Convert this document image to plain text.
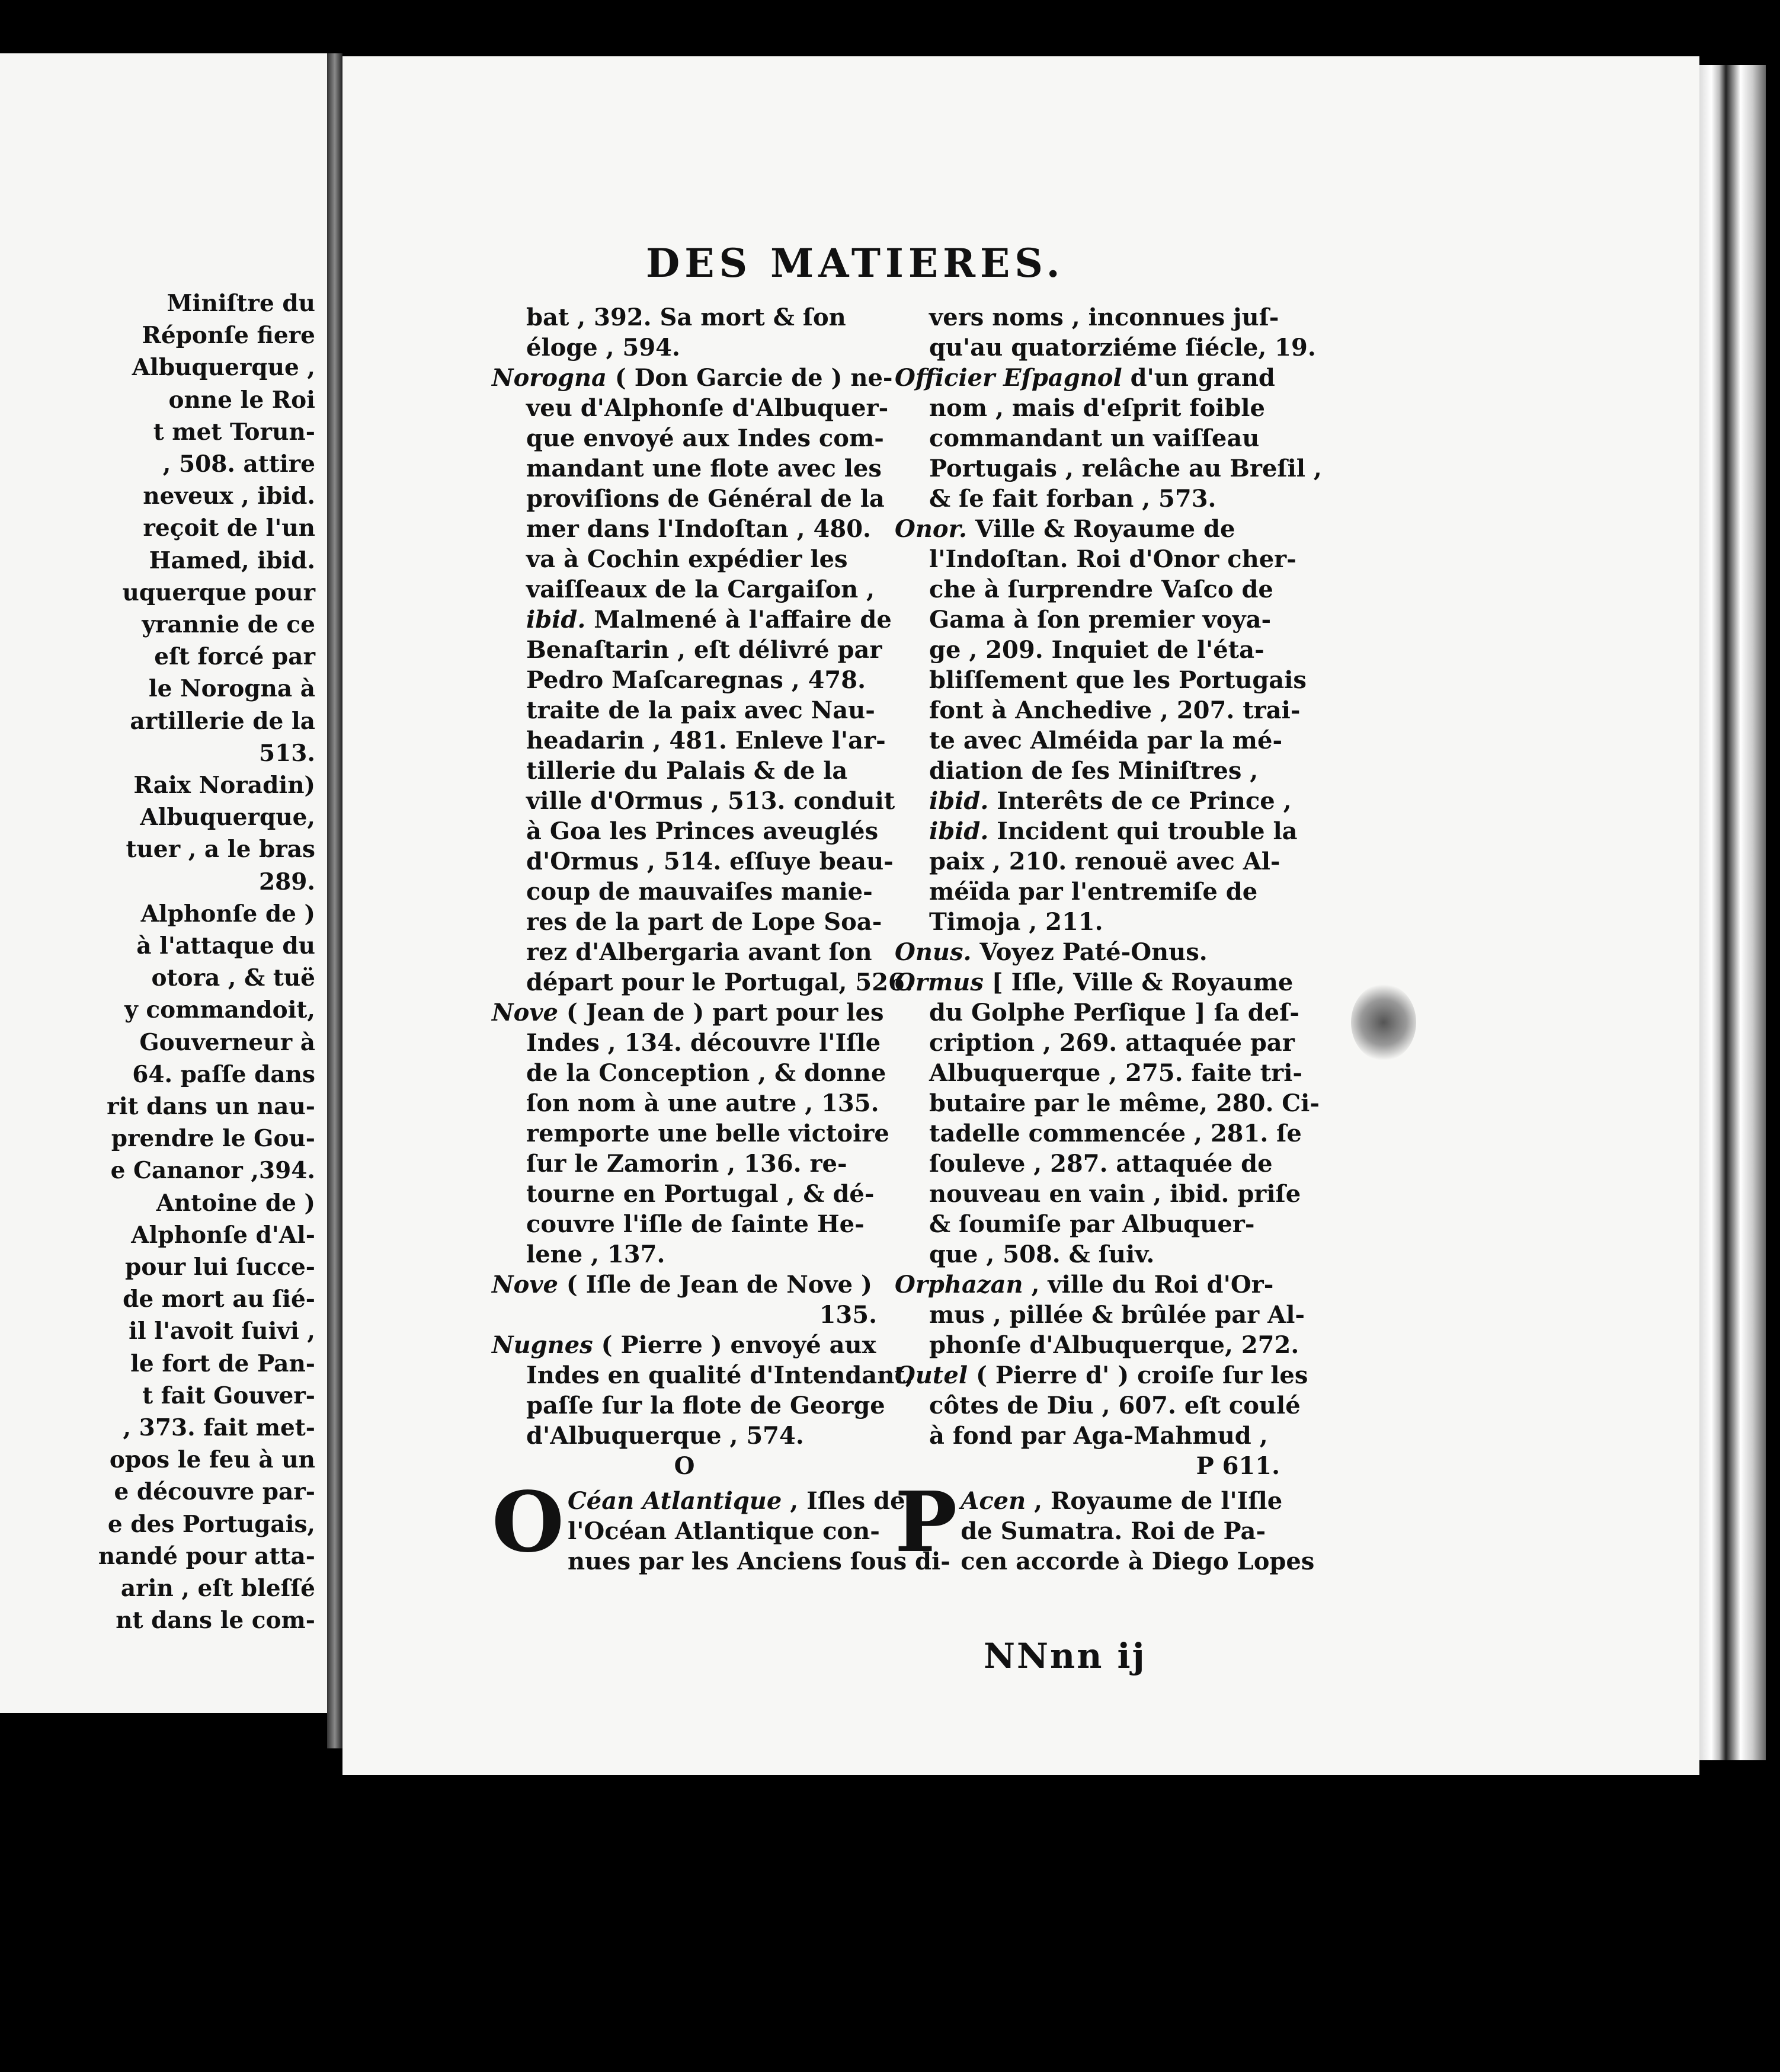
Miniſtre du
Réponſe fiere
Albuquerque ,
onne le Roi
t met Torun-
, 508. attire
neveux , ibid.
reçoit de l'un
Hamed, ibid.
uquerque pour
yrannie de ce
eſt forcé par
le Norogna à
artillerie de la
513.
Raix Noradin)
Albuquerque,
tuer , a le bras
289.
Alphonſe de )
à l'attaque du
otora , & tuë
y commandoit,
Gouverneur à
64. paſſe dans
rit dans un nau-
prendre le Gou-
e Cananor ,394.
Antoine de )
Alphonſe d'Al-
pour lui ſucce-
de mort au ſié-
il l'avoit ſuivi ,
le fort de Pan-
t fait Gouver-
, 373. fait met-
opos le feu à un
e découvre par-
e des Portugais,
nandé pour atta-
arin , eſt bleſſé
nt dans le com-
DES MATIERES.
bat , 392. Sa mort & ſon
éloge , 594.
Norogna ( Don Garcie de ) ne-
veu d'Alphonſe d'Albuquer-
que envoyé aux Indes com-
mandant une flote avec les
proviſions de Général de la
mer dans l'Indoſtan , 480.
va à Cochin expédier les
vaiſſeaux de la Cargaiſon ,
ibid. Malmené à l'affaire de
Benaſtarin , eſt délivré par
Pedro Maſcaregnas , 478.
traite de la paix avec Nau-
headarin , 481. Enleve l'ar-
tillerie du Palais & de la
ville d'Ormus , 513. conduit
à Goa les Princes aveuglés
d'Ormus , 514. eſſuye beau-
coup de mauvaiſes manie-
res de la part de Lope Soa-
rez d'Albergaria avant ſon
départ pour le Portugal, 526.
Nove ( Jean de ) part pour les
Indes , 134. découvre l'Iſle
de la Conception , & donne
ſon nom à une autre , 135.
remporte une belle victoire
ſur le Zamorin , 136. re-
tourne en Portugal , & dé-
couvre l'iſle de ſainte He-
lene , 137.
Nove ( Iſle de Jean de Nove )
135.
Nugnes ( Pierre ) envoyé aux
Indes en qualité d'Intendant,
paſſe ſur la flote de George
d'Albuquerque , 574.
O
O Céan Atlantique , Iſles de
l'Océan Atlantique con-
nues par les Anciens ſous di-
vers noms , inconnues juſ-
qu'au quatorziéme ſiécle, 19.
Officier Eſpagnol d'un grand
nom , mais d'eſprit foible
commandant un vaiſſeau
Portugais , relâche au Breſil ,
& ſe fait forban , 573.
Onor. Ville & Royaume de
l'Indoſtan. Roi d'Onor cher-
che à ſurprendre Vaſco de
Gama à ſon premier voya-
ge , 209. Inquiet de l'éta-
bliſſement que les Portugais
font à Anchedive , 207. trai-
te avec Alméida par la mé-
diation de ſes Miniſtres ,
ibid. Interêts de ce Prince ,
ibid. Incident qui trouble la
paix , 210. renouë avec Al-
méïda par l'entremiſe de
Timoja , 211.
Onus. Voyez Paté-Onus.
Ormus [ Iſle, Ville & Royaume
du Golphe Perſique ] ſa deſ-
cription , 269. attaquée par
Albuquerque , 275. faite tri-
butaire par le même, 280. Ci-
tadelle commencée , 281. ſe
ſouleve , 287. attaquée de
nouveau en vain , ibid. priſe
& ſoumiſe par Albuquer-
que , 508. & ſuiv.
Orphazan , ville du Roi d'Or-
mus , pillée & brûlée par Al-
phonſe d'Albuquerque, 272.
Outel ( Pierre d' ) croiſe ſur les
côtes de Diu , 607. eſt coulé
à fond par Aga-Mahmud ,
P 611.
P Acen , Royaume de l'Iſle
de Sumatra. Roi de Pa-
cen accorde à Diego Lopes
NNnn ij
